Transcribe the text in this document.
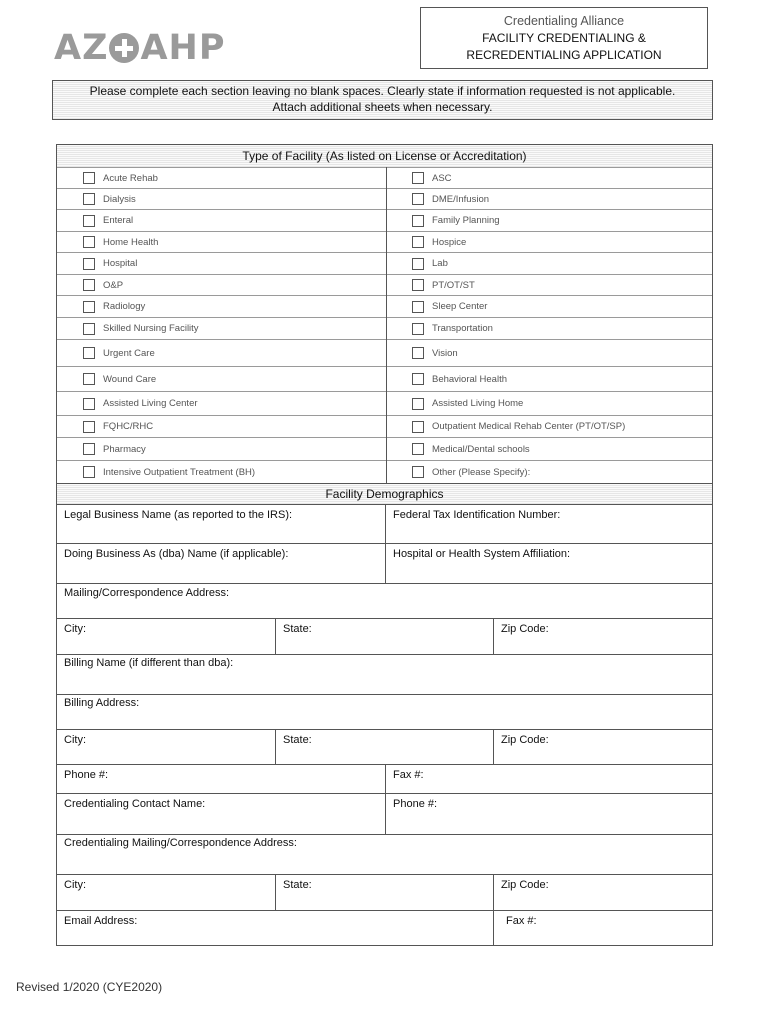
AZ AHP
Credentialing Alliance
FACILITY CREDENTIALING &
RECREDENTIALING APPLICATION
Please complete each section leaving no blank spaces. Clearly state if information requested is not applicable.
Attach additional sheets when necessary.
Type of Facility (As listed on License or Accreditation)
Acute Rehab	ASC
Dialysis	DME/Infusion
Enteral	Family Planning
Home Health	Hospice
Hospital	Lab
O&P	PT/OT/ST
Radiology	Sleep Center
Skilled Nursing Facility	Transportation
Urgent Care	Vision
Wound Care	Behavioral Health
Assisted Living Center	Assisted Living Home
FQHC/RHC	Outpatient Medical Rehab Center (PT/OT/SP)
Pharmacy	Medical/Dental schools
Intensive Outpatient Treatment (BH)	Other (Please Specify):
Facility Demographics
Legal Business Name (as reported to the IRS):	Federal Tax Identification Number:
Doing Business As (dba) Name (if applicable):	Hospital or Health System Affiliation:
Mailing/Correspondence Address:
City:	State:	Zip Code:
Billing Name (if different than dba):
Billing Address:
City:	State:	Zip Code:
Phone #:	Fax #:
Credentialing Contact Name:	Phone #:
Credentialing Mailing/Correspondence Address:
City:	State:	Zip Code:
Email Address:	Fax #:
Revised 1/2020 (CYE2020)
